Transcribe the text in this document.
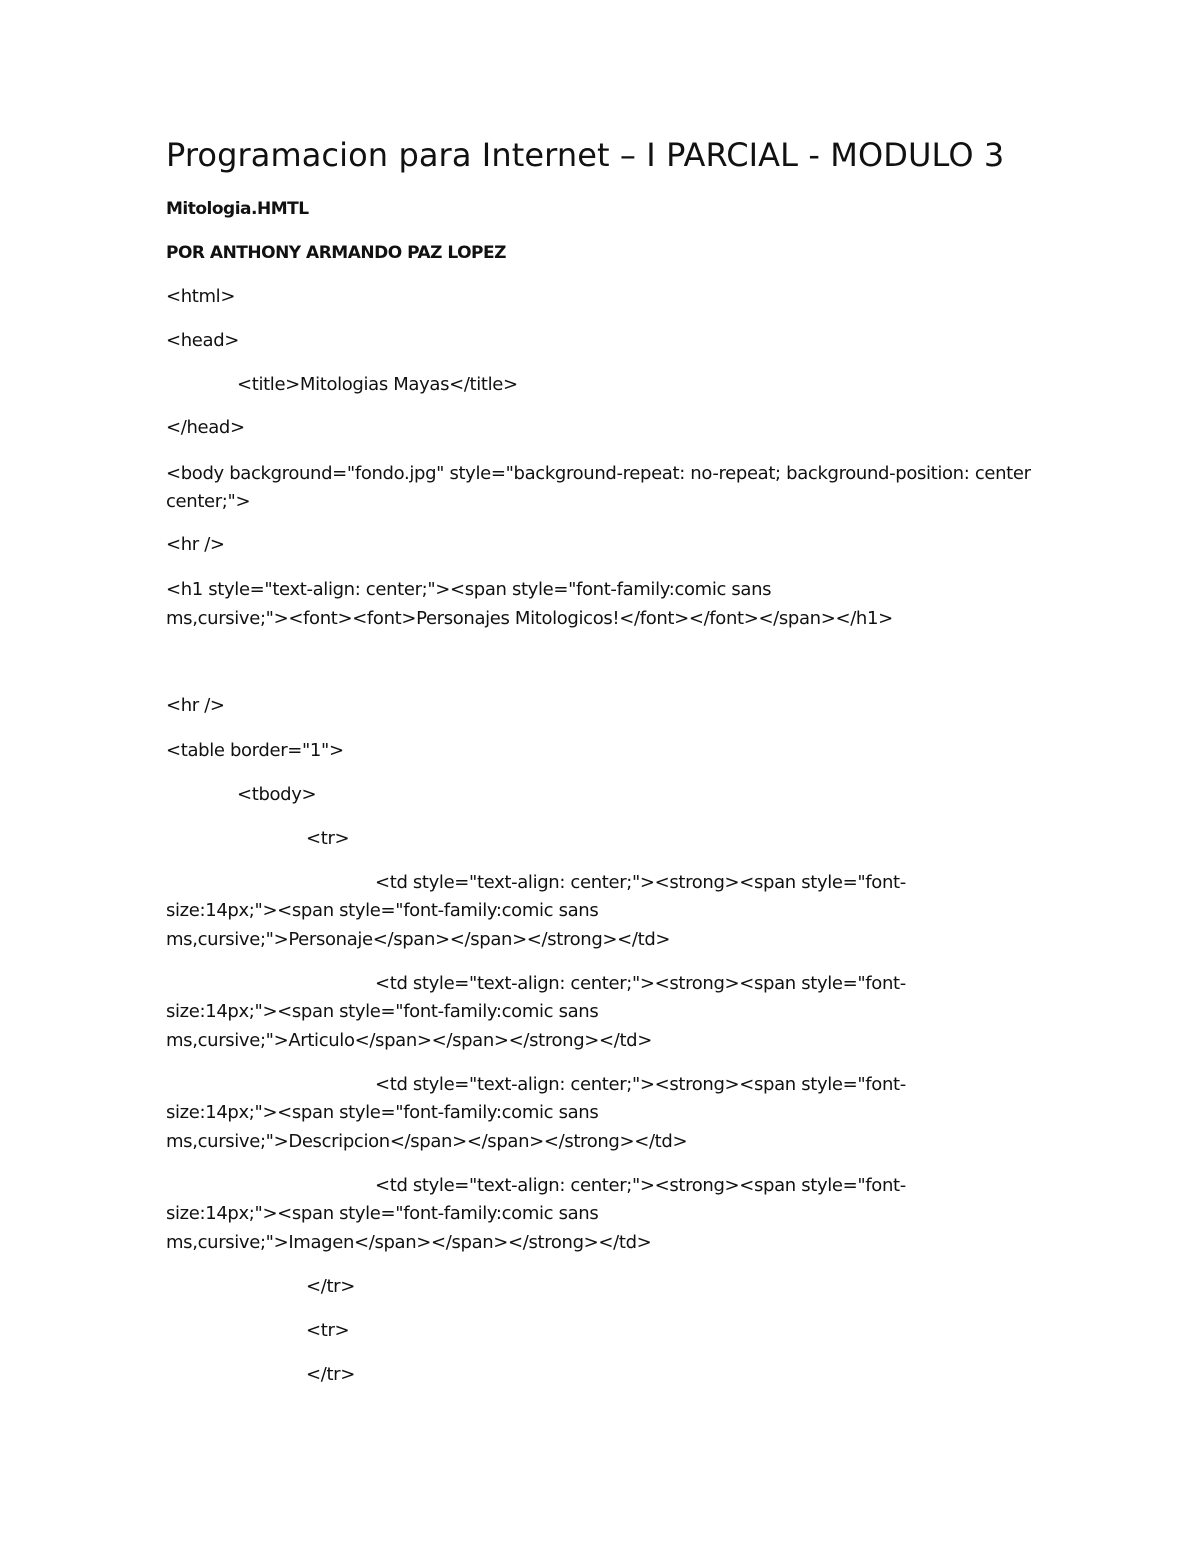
Programacion para Internet – I PARCIAL - MODULO 3
Mitologia.HMTL
POR ANTHONY ARMANDO PAZ LOPEZ
<html>
<head>
<title>Mitologias Mayas</title>
</head>
<body background="fondo.jpg" style="background-repeat: no-repeat; background-position: center
center;">
<hr />
<h1 style="text-align: center;"><span style="font-family:comic sans
ms,cursive;"><font><font>Personajes Mitologicos!</font></font></span></h1>
<hr />
<table border="1">
<tbody>
<tr>
<td style="text-align: center;"><strong><span style="font-
size:14px;"><span style="font-family:comic sans
ms,cursive;">Personaje</span></span></strong></td>
<td style="text-align: center;"><strong><span style="font-
size:14px;"><span style="font-family:comic sans
ms,cursive;">Articulo</span></span></strong></td>
<td style="text-align: center;"><strong><span style="font-
size:14px;"><span style="font-family:comic sans
ms,cursive;">Descripcion</span></span></strong></td>
<td style="text-align: center;"><strong><span style="font-
size:14px;"><span style="font-family:comic sans
ms,cursive;">Imagen</span></span></strong></td>
</tr>
<tr>
</tr>
